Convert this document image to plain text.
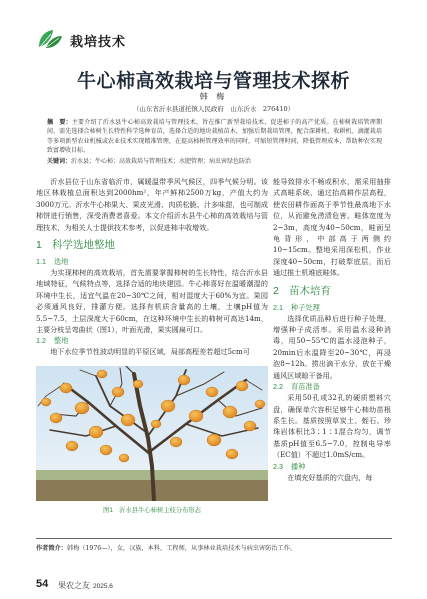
栽培技术
牛心柿高效栽培与管理技术探析
韩 梅
（山东省沂水县道托镇人民政府　山东沂水　276410）
摘　要：主要介绍了沂水县牛心柿高效栽培与管理技术，旨在推广新型栽培技术，促进柿子的高产优质。在柿树栽培管理期间，需先选择合柿树生长特性科学选种育苗，选择合适的地块栽植苗木，加强后期栽培管理，配合深耕机、收耕机、滴灌栽培等多项新型农业机械或农业技术实现精准管理，在提高柿树管理效率的同时，可缩短管理时间，降低管理成本，帮助种农实现致富增收目标。
关键词：沂水县；牛心柿；高效栽培与管理技术；水肥管理；病虫害绿色防治

沂水县位于山东省临沂市，属暖温带季风气候区，四季气候分明。该地区林栽植总面积达到2000hm²，年产鲜柿2500万kg，产值大约为3000万元。沂水牛心柿果大、果皮光滑、肉质松脆、汁多味甜，也可制成柿饼进行销售，深受消费者喜爱。本文介绍沂水县牛心柿的高效栽培与管理技术，为相关人士提供技术参考，以促进柿丰收增效。

1 科学选地整地
1.1 选地

为实现柿树的高效栽培，首先需要掌握柿树的生长特性，结合沂水县地域特征，气候特点等，选择合适的地块建园。牛心柿喜好在温暖潮湿的环境中生长，适宜气温在20~30℃之间，相对湿度大于60%为宜。果园必须通风良好，排灌方便。选择有机质含量高的土壤，土壤pH值为5.5~7.5，土层深度大于60cm，在这种环境中生长的柿树可高达14m，主要分枝呈弯曲状（图1），叶面光滑，果实圆扁可口。

1.2 整地

地下水位季节性波动明显的平原区域，局部高程差若超过5cm可

能导致排水不畅或积水，需采用抽排式高畦系统，通过抬高耕作层高程，使农田耕作面高于季节性最高地下水位，从而避免涝渍危害。畦体宽度为2~3m，高度为40~50cm，畦面呈龟背形，中部高于两侧约10~15cm。整地采用深松机，作业深度40~50cm，打破犁底层，而后通过推土机堆底畦体。

2 苗木培育
2.1 种子处理

选择优质品种后进行种子处理，增强种子成活率。采用温水浸种消毒，用50~55℃的温水浸泡种子，20min后水温降至20~30℃，再浸泡8~12h。捞出滴干水分，放在干燥通风区域晾干备用。

2.2 育苗准备

采用50孔或32孔的硬质塑料穴盘，确保单穴容积足够牛心柿幼苗根系生长。基质按照草炭土、蛭石、珍珠岩体积比3∶1∶1混合均匀，调节基质pH值至6.5~7.0，控制电导率（EC值）不超过1.0mS/cm。

2.3 播种

在填充好基质的穴盘内，每

图1　沂水县牛心柿树主枝分布形态
作者简介：韩梅（1976—），女，汉族，本科，工程师，从事林业栽培技术与病虫害防治工作。
54 果农之友 2025.6
